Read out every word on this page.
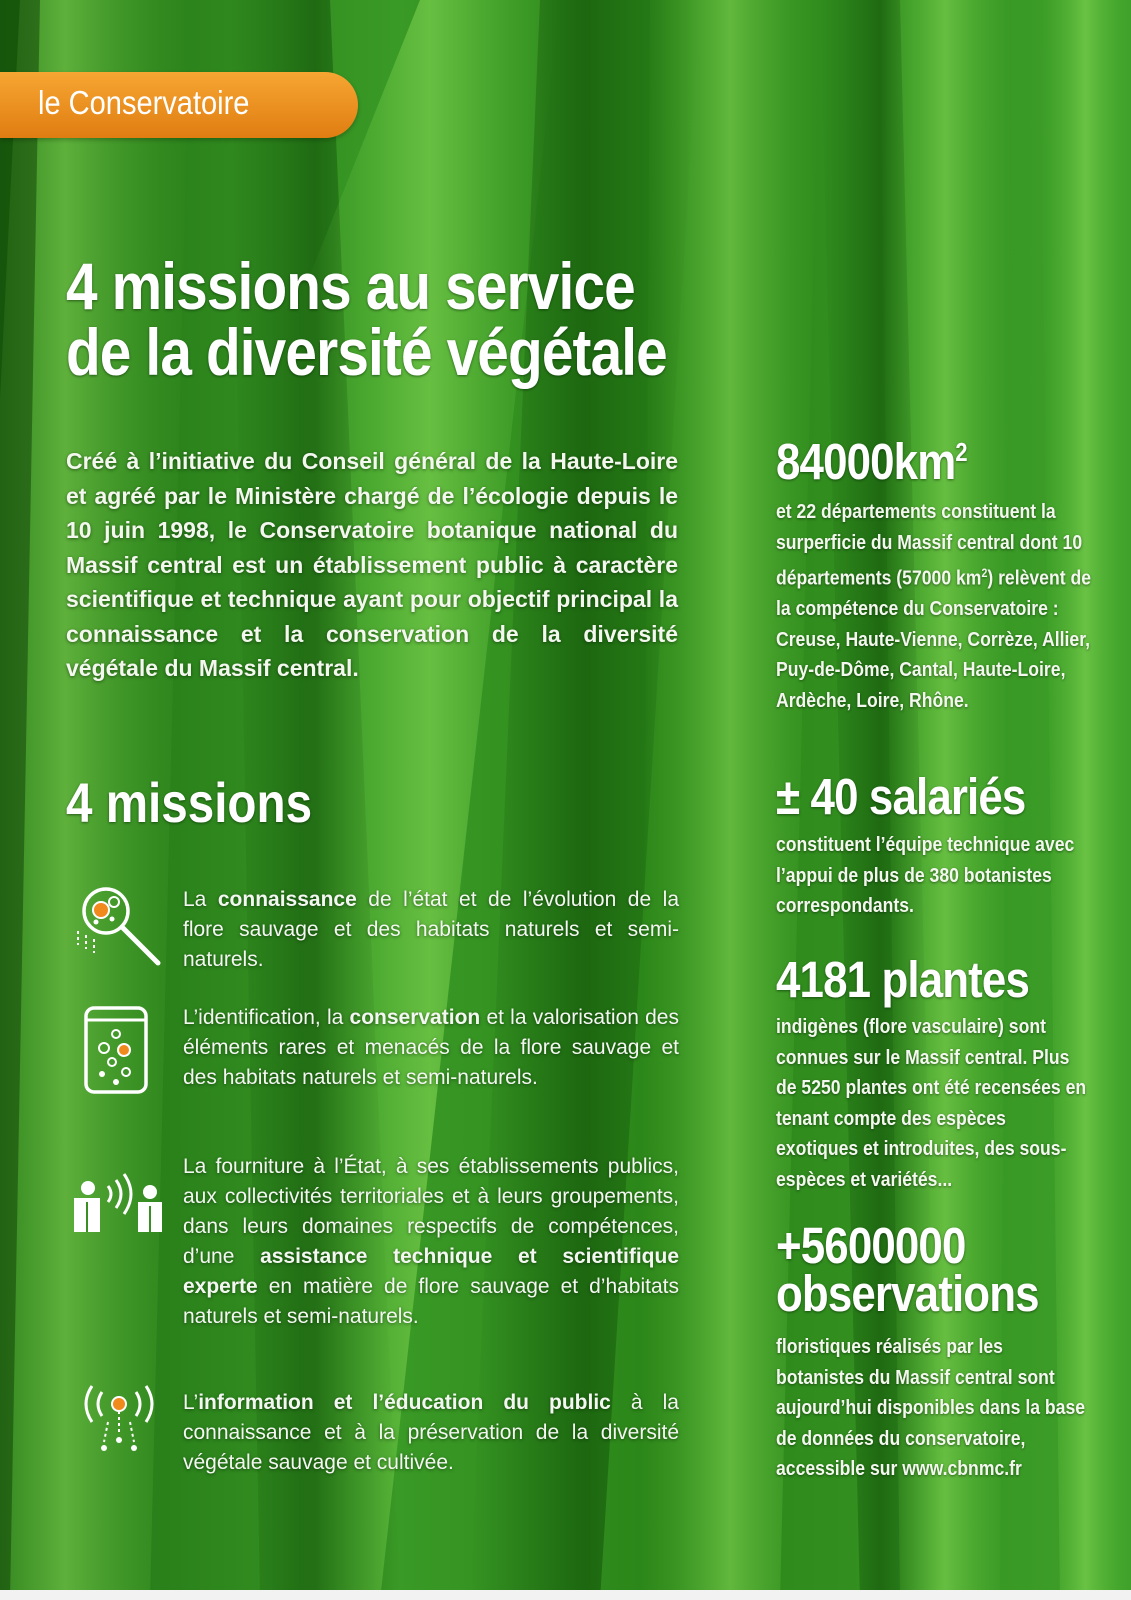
le Conservatoire
4 missions au service
de la diversité végétale
Créé à l’initiative du Conseil général de la Haute-Loire et agréé par le Ministère chargé de l’écologie depuis le 10 juin 1998, le Conservatoire botanique national du Massif central est un établissement public à caractère scientifique et technique ayant pour objectif principal la connaissance et la conservation de la diversité végétale du Massif central.
4 missions
La connaissance de l’état et de l’évolution de la flore sauvage et des habitats naturels et semi-naturels.
L’identification, la conservation et la valorisation des éléments rares et menacés de la flore sauvage et des habitats naturels et semi-naturels.
La fourniture à l’État, à ses établissements publics, aux collectivités territoriales et à leurs groupements, dans leurs domaines respectifs de compétences, d’une assistance technique et scientifique experte en matière de flore sauvage et d’habitats naturels et semi-naturels.
L’information et l’éducation du public à la connaissance et à la préservation de la diversité végétale sauvage et cultivée.
$84000km^2$
et 22 départements constituent la surperficie du Massif central dont 10 départements (57000 $km^2$) relèvent de la compétence du Conservatoire : Creuse, Haute-Vienne, Corrèze, Allier, Puy-de-Dôme, Cantal, Haute-Loire, Ardèche, Loire, Rhône.
± 40 salariés
constituent l’équipe technique avec l’appui de plus de 380 botanistes correspondants.
4181 plantes
indigènes (flore vasculaire) sont connues sur le Massif central. Plus de 5250 plantes ont été recensées en tenant compte des espèces exotiques et introduites, des sous-espèces et variétés...
+5600000
observations
floristiques réalisés par les botanistes du Massif central sont aujourd’hui disponibles dans la base de données du conservatoire, accessible sur www.cbnmc.fr
